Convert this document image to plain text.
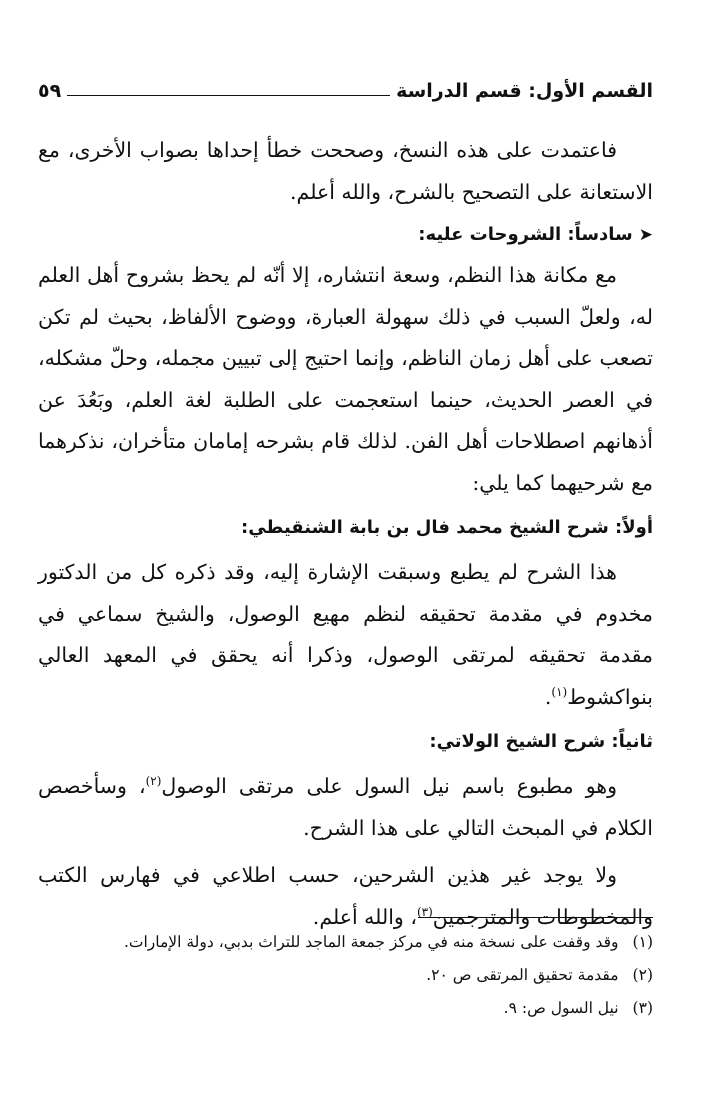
القسم الأول: قسم الدراسة
٥٩

فاعتمدت على هذه النسخ، وصححت خطأ إحداها بصواب الأخرى، مع الاستعانة على التصحيح بالشرح، والله أعلم.

➤سادساً: الشروحات عليه:

مع مكانة هذا النظم، وسعة انتشاره، إلا أنّه لم يحظ بشروح أهل العلم له، ولعلّ السبب في ذلك سهولة العبارة، ووضوح الألفاظ، بحيث لم تكن تصعب على أهل زمان الناظم، وإنما احتيج إلى تبيين مجمله، وحلّ مشكله، في العصر الحديث، حينما استعجمت على الطلبة لغة العلم، وبَعُدَ عن أذهانهم اصطلاحات أهل الفن. لذلك قام بشرحه إمامان متأخران، نذكرهما مع شرحيهما كما يلي:

أولاً: شرح الشيخ محمد فال بن بابة الشنقيطي:

هذا الشرح لم يطبع وسبقت الإشارة إليه، وقد ذكره كل من الدكتور مخدوم في مقدمة تحقيقه لنظم مهيع الوصول، والشيخ سماعي في مقدمة تحقيقه لمرتقى الوصول، وذكرا أنه يحقق في المعهد العالي بنواكشوط$^{(١)}$.

ثانياً: شرح الشيخ الولاتي:

وهو مطبوع باسم نيل السول على مرتقى الوصول$^{(٢)}$، وسأخصص الكلام في المبحث التالي على هذا الشرح.

ولا يوجد غير هذين الشرحين، حسب اطلاعي في فهارس الكتب والمخطوطات والمترجمين$^{(٣)}$، والله أعلم.

(١)وقد وقفت على نسخة منه في مركز جمعة الماجد للتراث بدبي، دولة الإمارات.
(٢)مقدمة تحقيق المرتقى ص ٢٠.
(٣)نيل السول ص: ٩.
